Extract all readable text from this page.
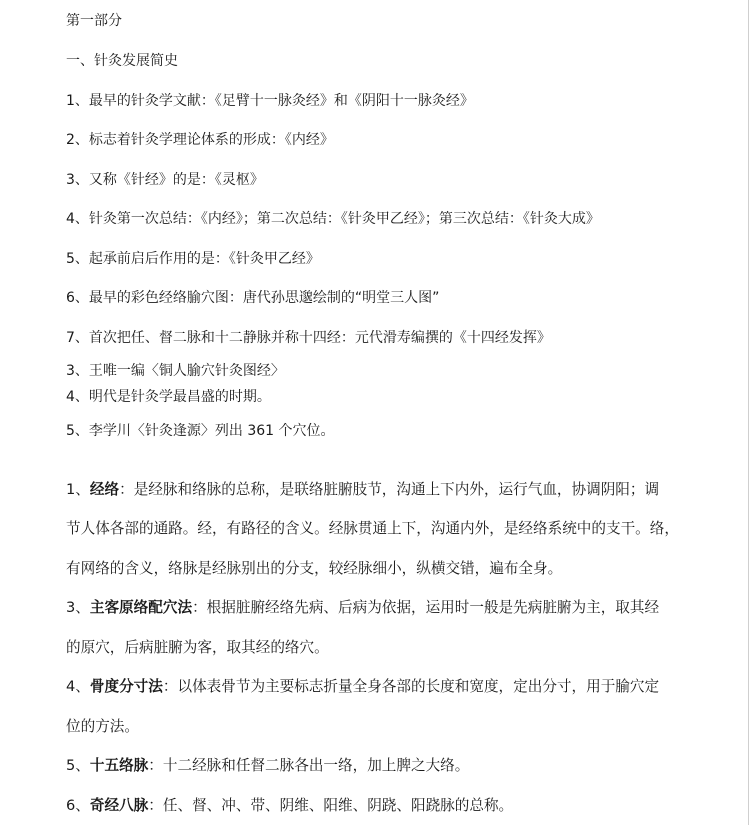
第一部分
一、针灸发展简史
1、最早的针灸学文献：《足臂十一脉灸经》和《阴阳十一脉灸经》
2、标志着针灸学理论体系的形成：《内经》
3、又称《针经》的是：《灵枢》
4、针灸第一次总结：《内经》；第二次总结：《针灸甲乙经》；第三次总结：《针灸大成》
5、起承前启后作用的是：《针灸甲乙经》
6、最早的彩色经络腧穴图：唐代孙思邈绘制的“明堂三人图”
7、首次把任、督二脉和十二静脉并称十四经：元代滑寿编撰的《十四经发挥》
3、王唯一编〈铜人腧穴针灸图经〉
4、明代是针灸学最昌盛的时期。
5、李学川〈针灸逢源〉列出 361 个穴位。
1、经络：是经脉和络脉的总称，是联络脏腑肢节，沟通上下内外，运行气血，协调阴阳；调
节人体各部的通路。经，有路径的含义。经脉贯通上下，沟通内外，是经络系统中的支干。络，
有网络的含义，络脉是经脉别出的分支，较经脉细小，纵横交错，遍布全身。
3、主客原络配穴法：根据脏腑经络先病、后病为依据，运用时一般是先病脏腑为主，取其经
的原穴，后病脏腑为客，取其经的络穴。
4、骨度分寸法：以体表骨节为主要标志折量全身各部的长度和宽度，定出分寸，用于腧穴定
位的方法。
5、十五络脉：十二经脉和任督二脉各出一络，加上脾之大络。
6、奇经八脉：任、督、冲、带、阴维、阳维、阴跷、阳跷脉的总称。
